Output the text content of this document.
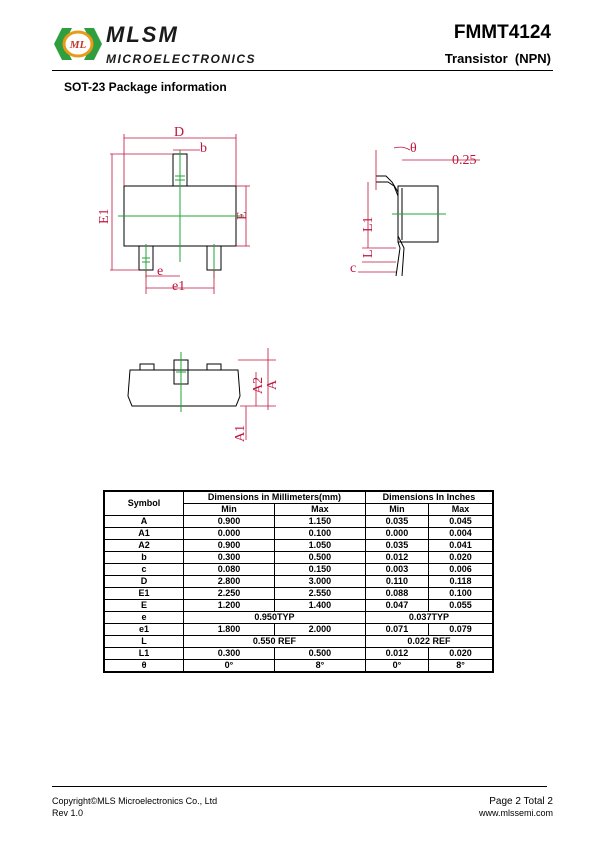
ML MLSM
MICROELECTRONICS
FMMT4124
Transistor  (NPN)
SOT-23 Package information
D
b
E1	E
e
e1
θ
0.25
L1
L
c
A
A2
A1
Symbol	Dimensions in Millimeters(mm)		Dimensions In Inches	
	Min	Max	Min	Max
A	0.900	1.150	0.035	0.045
A1	0.000	0.100	0.000	0.004
A2	0.900	1.050	0.035	0.041
b	0.300	0.500	0.012	0.020
c	0.080	0.150	0.003	0.006
D	2.800	3.000	0.110	0.118
E1	2.250	2.550	0.088	0.100
E	1.200	1.400	0.047	0.055
e	0.950TYP		0.037TYP	
e1	1.800	2.000	0.071	0.079
L	0.550 REF		0.022 REF	
L1	0.300	0.500	0.012	0.020
θ	0°	8°	0°	8°
Copyright©MLS Microelectronics Co., Ltd
Rev 1.0
Page 2 Total 2
www.mlssemi.com
